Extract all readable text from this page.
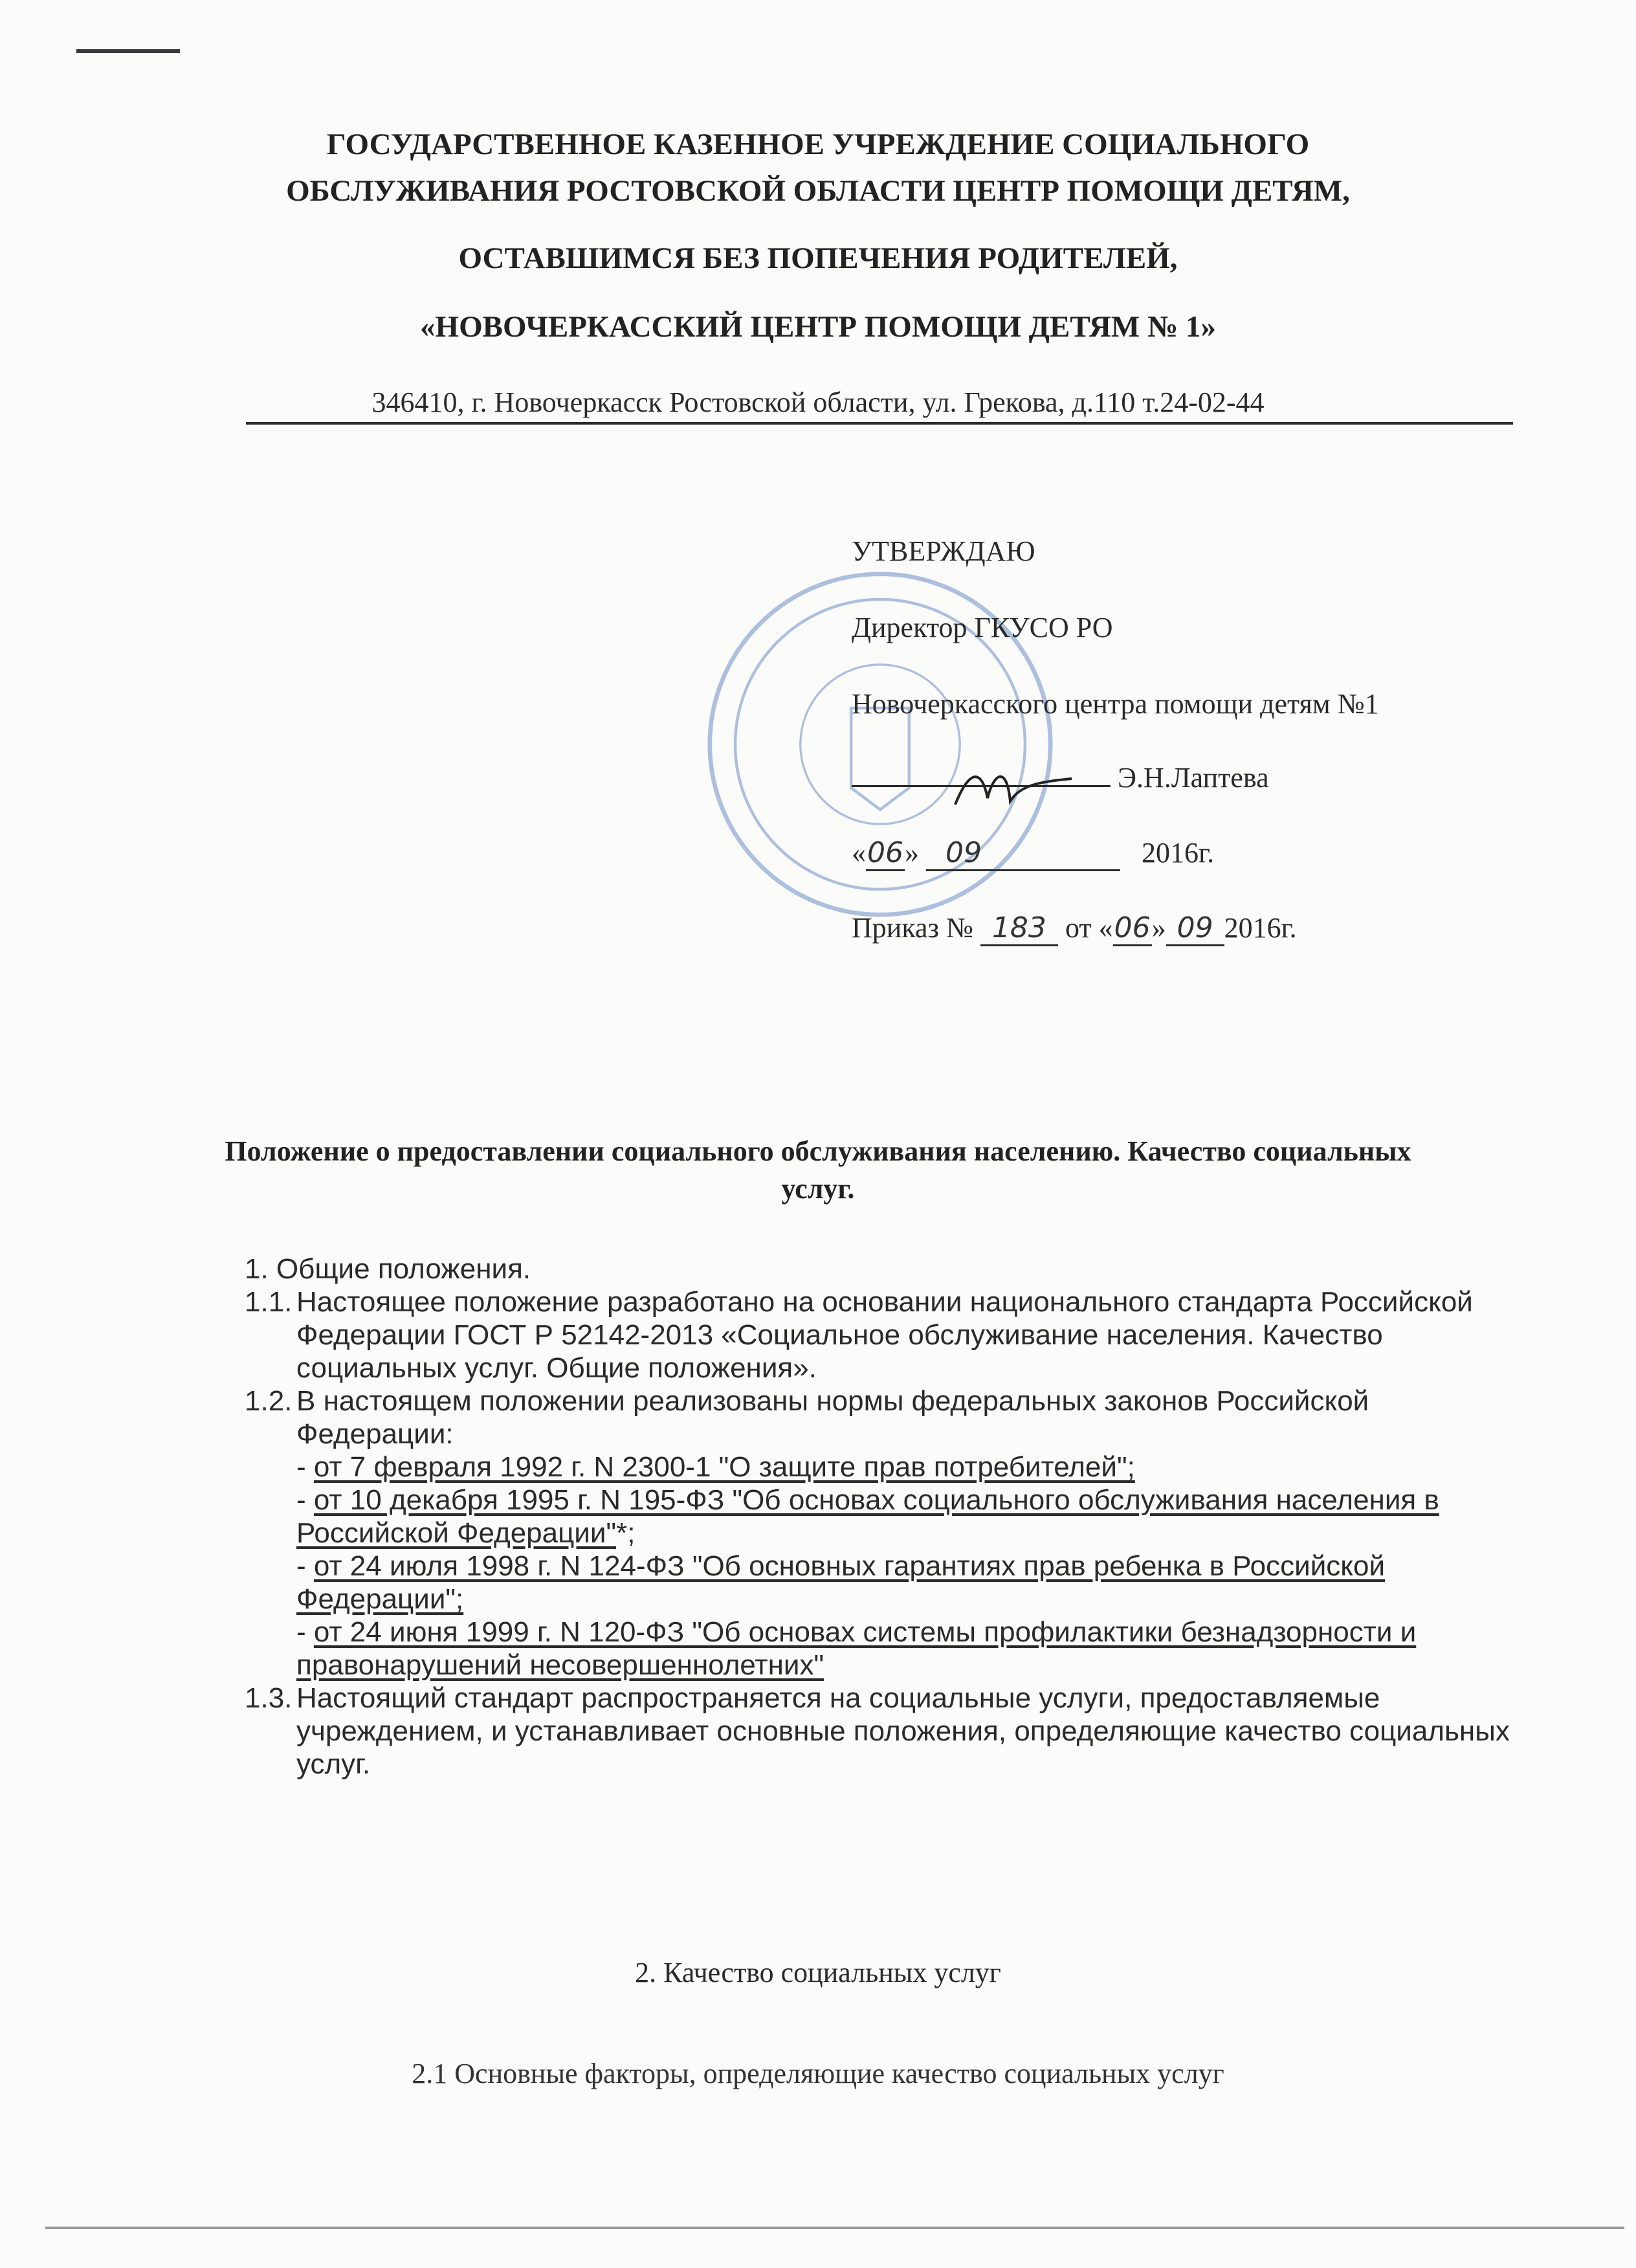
ГОСУДАРСТВЕННОЕ КАЗЕННОЕ УЧРЕЖДЕНИЕ СОЦИАЛЬНОГО
ОБСЛУЖИВАНИЯ РОСТОВСКОЙ ОБЛАСТИ ЦЕНТР ПОМОЩИ ДЕТЯМ,
ОСТАВШИМСЯ БЕЗ ПОПЕЧЕНИЯ РОДИТЕЛЕЙ,
«НОВОЧЕРКАССКИЙ ЦЕНТР ПОМОЩИ ДЕТЯМ № 1»
346410, г. Новочеркасск Ростовской области, ул. Грекова, д.110 т.24-02-44
УТВЕРЖДАЮ
Директор ГКУСО РО
Новочеркасского центра помощи детям №1
Э.Н.Лаптева
«06» 09	2016г.
Приказ № 183 от «06» 09 2016г.
Положение о предоставлении социального обслуживания населению. Качество социальных услуг.

1. Общие положения.

1.1. Настоящее положение разработано на основании национального стандарта Российской Федерации ГОСТ Р 52142-2013 «Социальное обслуживание населения. Качество социальных услуг. Общие положения».
1.2. В настоящем положении реализованы нормы федеральных законов Российской Федерации:
- от 7 февраля 1992 г. N 2300-1 "О защите прав потребителей";
- от 10 декабря 1995 г. N 195-ФЗ "Об основах социального обслуживания населения в Российской Федерации"*;
- от 24 июля 1998 г. N 124-ФЗ "Об основных гарантиях прав ребенка в Российской Федерации";
- от 24 июня 1999 г. N 120-ФЗ "Об основах системы профилактики безнадзорности и правонарушений несовершеннолетних"
1.3. Настоящий стандарт распространяется на социальные услуги, предоставляемые учреждением, и устанавливает основные положения, определяющие качество социальных услуг.
2. Качество социальных услуг
2.1 Основные факторы, определяющие качество социальных услуг
